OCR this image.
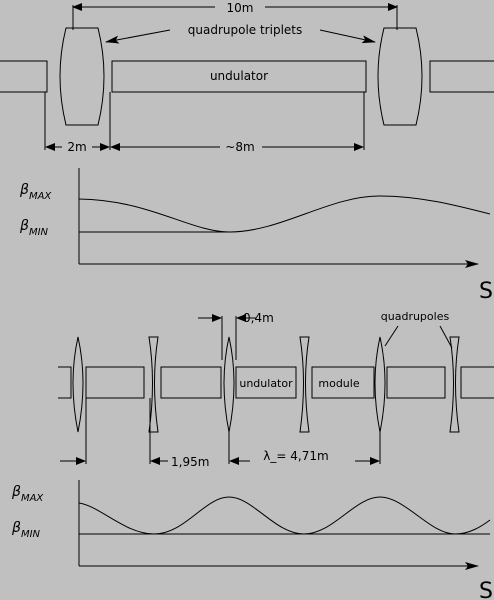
10m
quadrupole triplets
undulator
2m	~8m
$\beta_{MAX}$
$\beta_{MIN}$
S
0,4m	quadrupoles
undulator module
1,95m	λ_= 4,71m
$\beta_{MAX}$
$\beta_{MIN}$
S
